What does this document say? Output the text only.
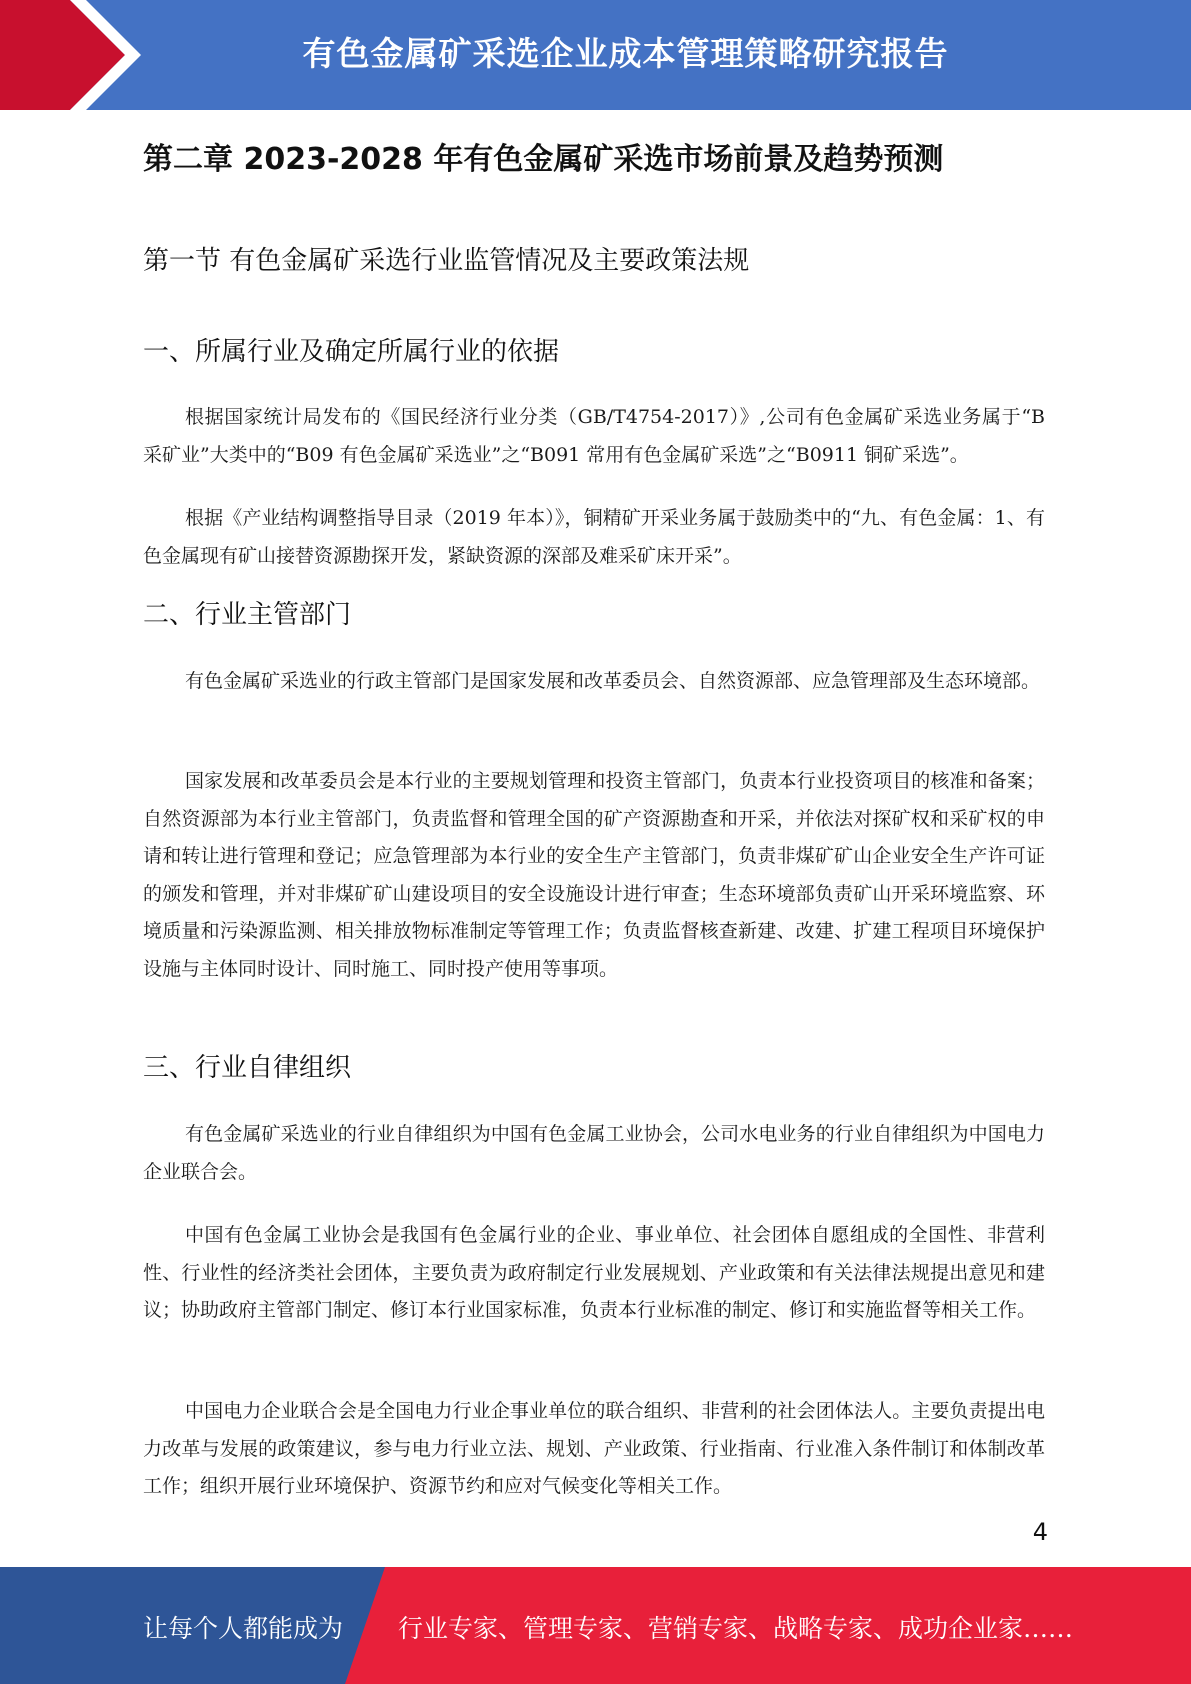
有色金属矿采选企业成本管理策略研究报告
第二章 2023-2028 年有色金属矿采选市场前景及趋势预测
第一节 有色金属矿采选行业监管情况及主要政策法规
一、所属行业及确定所属行业的依据

根据国家统计局发布的《国民经济行业分类（GB/T4754-2017）》,公司有色金属矿采选业务属于“B 采矿业”大类中的“B09 有色金属矿采选业”之“B091 常用有色金属矿采选”之“B0911 铜矿采选”。

根据《产业结构调整指导目录（2019 年本）》，铜精矿开采业务属于鼓励类中的“九、有色金属：1、有色金属现有矿山接替资源勘探开发，紧缺资源的深部及难采矿床开采”。

二、行业主管部门

有色金属矿采选业的行政主管部门是国家发展和改革委员会、自然资源部、应急管理部及生态环境部。

国家发展和改革委员会是本行业的主要规划管理和投资主管部门，负责本行业投资项目的核准和备案；自然资源部为本行业主管部门，负责监督和管理全国的矿产资源勘查和开采，并依法对探矿权和采矿权的申请和转让进行管理和登记；应急管理部为本行业的安全生产主管部门，负责非煤矿矿山企业安全生产许可证的颁发和管理，并对非煤矿矿山建设项目的安全设施设计进行审查；生态环境部负责矿山开采环境监察、环境质量和污染源监测、相关排放物标准制定等管理工作；负责监督核查新建、改建、扩建工程项目环境保护设施与主体同时设计、同时施工、同时投产使用等事项。

三、行业自律组织

有色金属矿采选业的行业自律组织为中国有色金属工业协会，公司水电业务的行业自律组织为中国电力企业联合会。

中国有色金属工业协会是我国有色金属行业的企业、事业单位、社会团体自愿组成的全国性、非营利性、行业性的经济类社会团体，主要负责为政府制定行业发展规划、产业政策和有关法律法规提出意见和建议；协助政府主管部门制定、修订本行业国家标准，负责本行业标准的制定、修订和实施监督等相关工作。

中国电力企业联合会是全国电力行业企事业单位的联合组织、非营利的社会团体法人。主要负责提出电力改革与发展的政策建议，参与电力行业立法、规划、产业政策、行业指南、行业准入条件制订和体制改革工作；组织开展行业环境保护、资源节约和应对气候变化等相关工作。

4
让每个人都能成为 行业专家、管理专家、营销专家、战略专家、成功企业家……
